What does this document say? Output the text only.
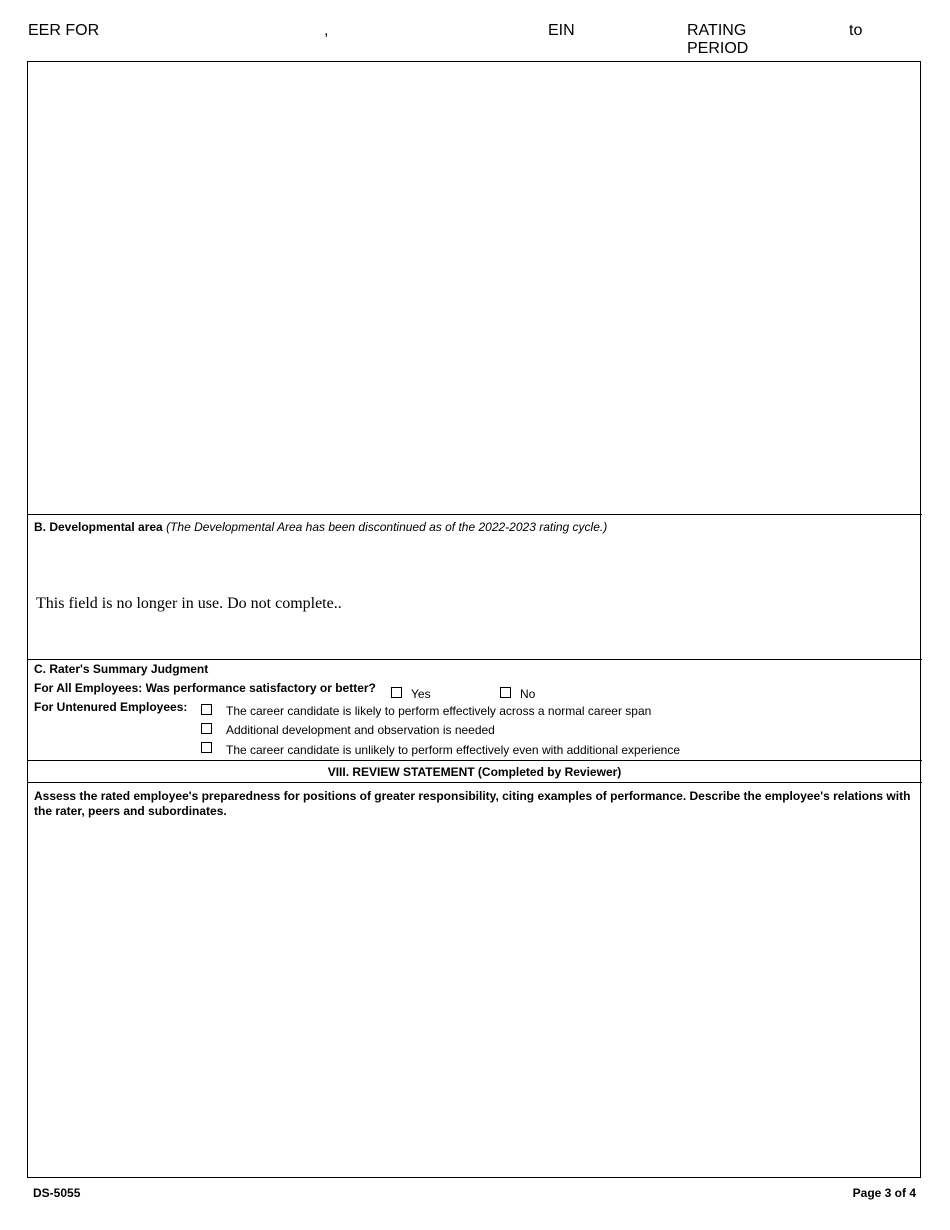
EER FOR	,	EIN	RATING
PERIOD
to
B. Developmental area (The Developmental Area has been discontinued as of the 2022-2023 rating cycle.)
This field is no longer in use. Do not complete..
C. Rater's Summary Judgment
For All Employees: Was performance satisfactory or better?	Yes	No
For Untenured Employees:	The career candidate is likely to perform effectively across a normal career span
Additional development and observation is needed
The career candidate is unlikely to perform effectively even with additional experience
VIII. REVIEW STATEMENT (Completed by Reviewer)
Assess the rated employee's preparedness for positions of greater responsibility, citing examples of performance. Describe the employee's relations with the rater, peers and subordinates.
DS-5055	Page 3 of 4
